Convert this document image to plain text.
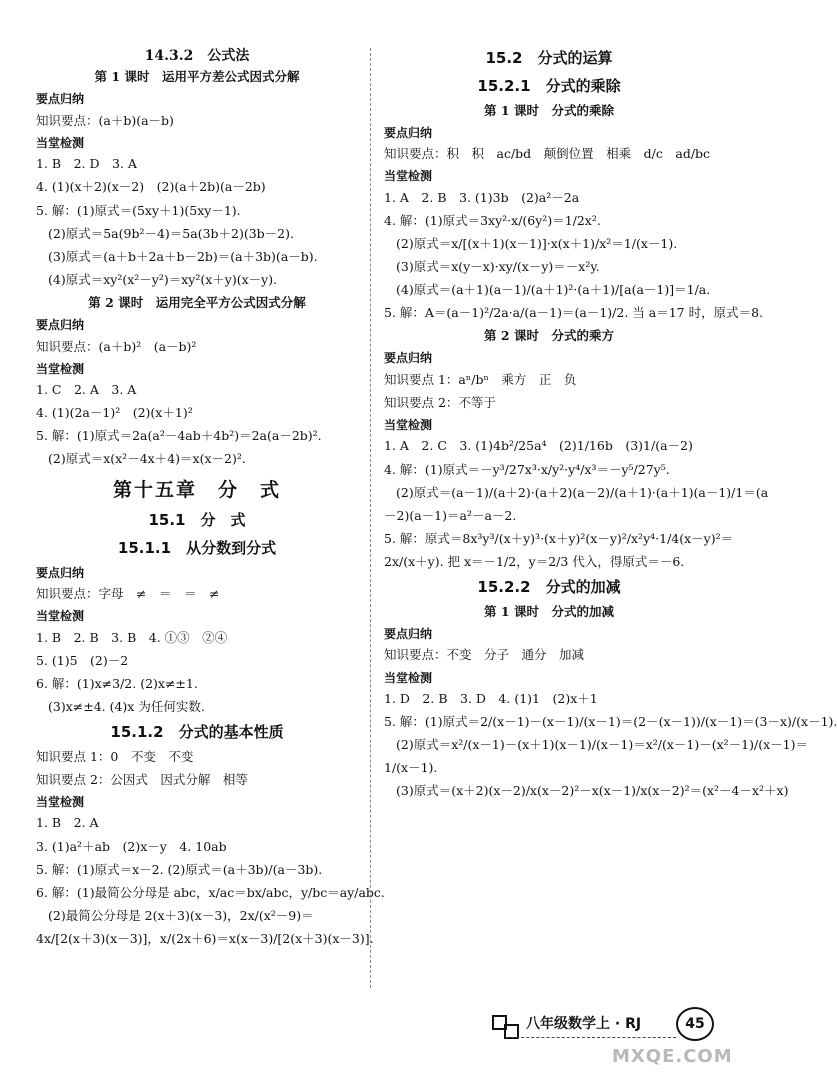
14.3.2　公式法
第 1 课时　运用平方差公式因式分解
要点归纳
知识要点：(a＋b)(a－b)
当堂检测
1. B　2. D　3. A
4. (1)(x＋2)(x－2)　(2)(a＋2b)(a－2b)
5. 解：(1)原式＝(5xy＋1)(5xy－1).
(2)原式＝5a(9b²－4)＝5a(3b＋2)(3b－2).
(3)原式＝(a＋b＋2a＋b－2b)＝(a＋3b)(a－b).
(4)原式＝xy²(x²－y²)＝xy²(x＋y)(x－y).
第 2 课时　运用完全平方公式因式分解
要点归纳
知识要点：(a＋b)²　(a－b)²
当堂检测
1. C　2. A　3. A
4. (1)(2a－1)²　(2)(x＋1)²
5. 解：(1)原式＝2a(a²－4ab＋4b²)＝2a(a－2b)².
(2)原式＝x(x²－4x＋4)＝x(x－2)².
第十五章　分　式
15.1　分　式
15.1.1　从分数到分式
要点归纳
知识要点：字母　≠　＝　＝　≠
当堂检测
1. B　2. B　3. B　4. ①③　②④
5. (1)5　(2)－2
6. 解：(1)x≠3/2. (2)x≠±1.
(3)x≠±4. (4)x 为任何实数.
15.1.2　分式的基本性质
知识要点 1：0　不变　不变
知识要点 2：公因式　因式分解　相等
当堂检测
1. B　2. A
3. (1)a²＋ab　(2)x－y　4. 10ab
5. 解：(1)原式＝x－2. (2)原式＝(a＋3b)/(a－3b).
6. 解：(1)最简公分母是 abc，x/ac＝bx/abc，y/bc＝ay/abc.
(2)最简公分母是 2(x＋3)(x－3)，2x/(x²－9)＝
4x/[2(x＋3)(x－3)]，x/(2x＋6)＝x(x－3)/[2(x＋3)(x－3)].
15.2　分式的运算
15.2.1　分式的乘除
第 1 课时　分式的乘除
要点归纳
知识要点：积　积　ac/bd　颠倒位置　相乘　d/c　ad/bc
当堂检测
1. A　2. B　3. (1)3b　(2)a²－2a
4. 解：(1)原式＝3xy²·x/(6y²)＝1/2x².
(2)原式＝x/[(x＋1)(x－1)]·x(x＋1)/x²＝1/(x－1).
(3)原式＝x(y－x)·xy/(x－y)＝－x²y.
(4)原式＝(a＋1)(a－1)/(a＋1)²·(a＋1)/[a(a－1)]＝1/a.
5. 解：A＝(a－1)²/2a·a/(a－1)＝(a－1)/2. 当 a＝17 时，原式＝8.
第 2 课时　分式的乘方
要点归纳
知识要点 1：aⁿ/bⁿ　乘方　正　负
知识要点 2：不等于
当堂检测
1. A　2. C　3. (1)4b²/25a⁴　(2)1/16b　(3)1/(a－2)
4. 解：(1)原式＝－y³/27x³·x/y²·y⁴/x³＝－y⁵/27y⁵.
(2)原式＝(a－1)/(a＋2)·(a＋2)(a－2)/(a＋1)·(a＋1)(a－1)/1＝(a
－2)(a－1)＝a²－a－2.
5. 解：原式＝8x³y³/(x＋y)³·(x＋y)²(x－y)²/x²y⁴·1/4(x－y)²＝
2x/(x＋y). 把 x＝－1/2，y＝2/3 代入，得原式＝－6.
15.2.2　分式的加减
第 1 课时　分式的加减
要点归纳
知识要点：不变　分子　通分　加减
当堂检测
1. D　2. B　3. D　4. (1)1　(2)x＋1
5. 解：(1)原式＝2/(x－1)－(x－1)/(x－1)＝(2－(x－1))/(x－1)＝(3－x)/(x－1).
(2)原式＝x²/(x－1)－(x＋1)(x－1)/(x－1)＝x²/(x－1)－(x²－1)/(x－1)＝
1/(x－1).
(3)原式＝(x＋2)(x－2)/x(x－2)²－x(x－1)/x(x－2)²＝(x²－4－x²＋x)
八年级数学上 · RJ	45
MXQE.COM
